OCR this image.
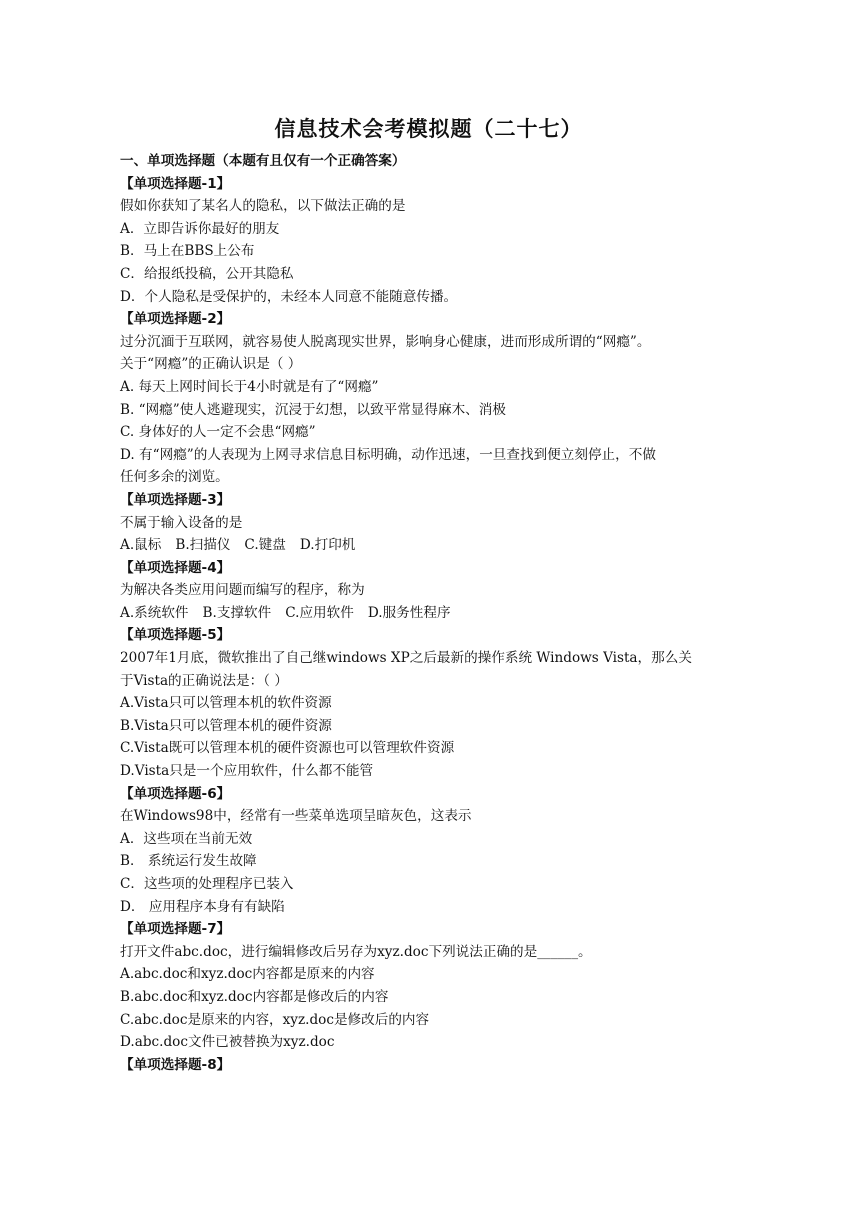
信息技术会考模拟题（二十七）
一、单项选择题（本题有且仅有一个正确答案）
【单项选择题-1】
假如你获知了某名人的隐私，以下做法正确的是
A．立即告诉你最好的朋友
B．马上在BBS上公布
C．给报纸投稿，公开其隐私
D．个人隐私是受保护的，未经本人同意不能随意传播。
【单项选择题-2】
过分沉湎于互联网，就容易使人脱离现实世界，影响身心健康，进而形成所谓的“网瘾”。
关于“网瘾”的正确认识是（ ）
A. 每天上网时间长于4小时就是有了“网瘾”
B. “网瘾”使人逃避现实，沉浸于幻想，以致平常显得麻木、消极
C. 身体好的人一定不会患“网瘾”
D. 有“网瘾”的人表现为上网寻求信息目标明确，动作迅速，一旦查找到便立刻停止，不做
任何多余的浏览。
【单项选择题-3】
不属于输入设备的是
A.鼠标 B.扫描仪 C.键盘 D.打印机
【单项选择题-4】
为解决各类应用问题而编写的程序，称为
A.系统软件 B.支撑软件 C.应用软件 D.服务性程序
【单项选择题-5】
2007年1月底，微软推出了自己继windows XP之后最新的操作系统 Windows Vista，那么关
于Vista的正确说法是：（ ）
A.Vista只可以管理本机的软件资源
B.Vista只可以管理本机的硬件资源
C.Vista既可以管理本机的硬件资源也可以管理软件资源
D.Vista只是一个应用软件，什么都不能管
【单项选择题-6】
在Windows98中，经常有一些菜单选项呈暗灰色，这表示
A．这些项在当前无效
B． 系统运行发生故障
C．这些项的处理程序已装入
D． 应用程序本身有有缺陷
【单项选择题-7】
打开文件abc.doc，进行编辑修改后另存为xyz.doc下列说法正确的是______。
A.abc.doc和xyz.doc内容都是原来的内容
B.abc.doc和xyz.doc内容都是修改后的内容
C.abc.doc是原来的内容，xyz.doc是修改后的内容
D.abc.doc文件已被替换为xyz.doc
【单项选择题-8】
